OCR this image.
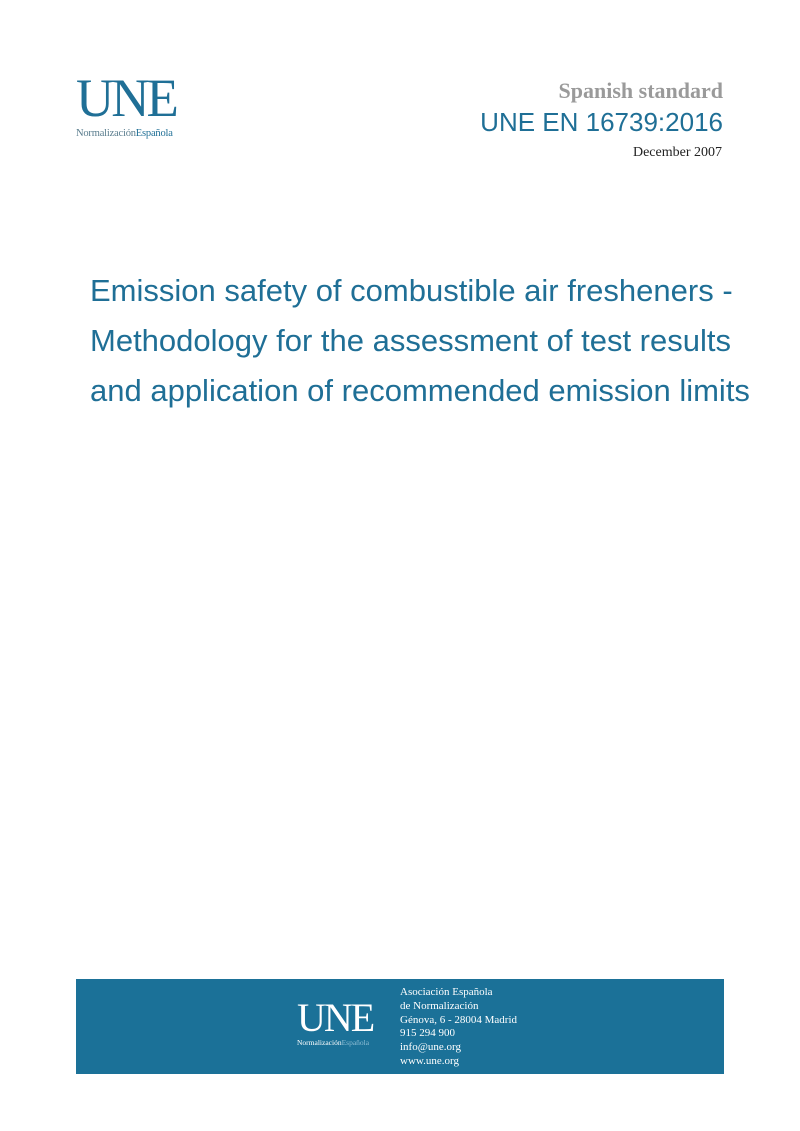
UNE
NormalizaciónEspañola
Spanish standard
UNE EN 16739:2016
December 2007
Emission safety of combustible air fresheners -
Methodology for the assessment of test results
and application of recommended emission limits
UNE
NormalizaciónEspañola
Asociación Española
de Normalización
Génova, 6 - 28004 Madrid
915 294 900
info@une.org
www.une.org
